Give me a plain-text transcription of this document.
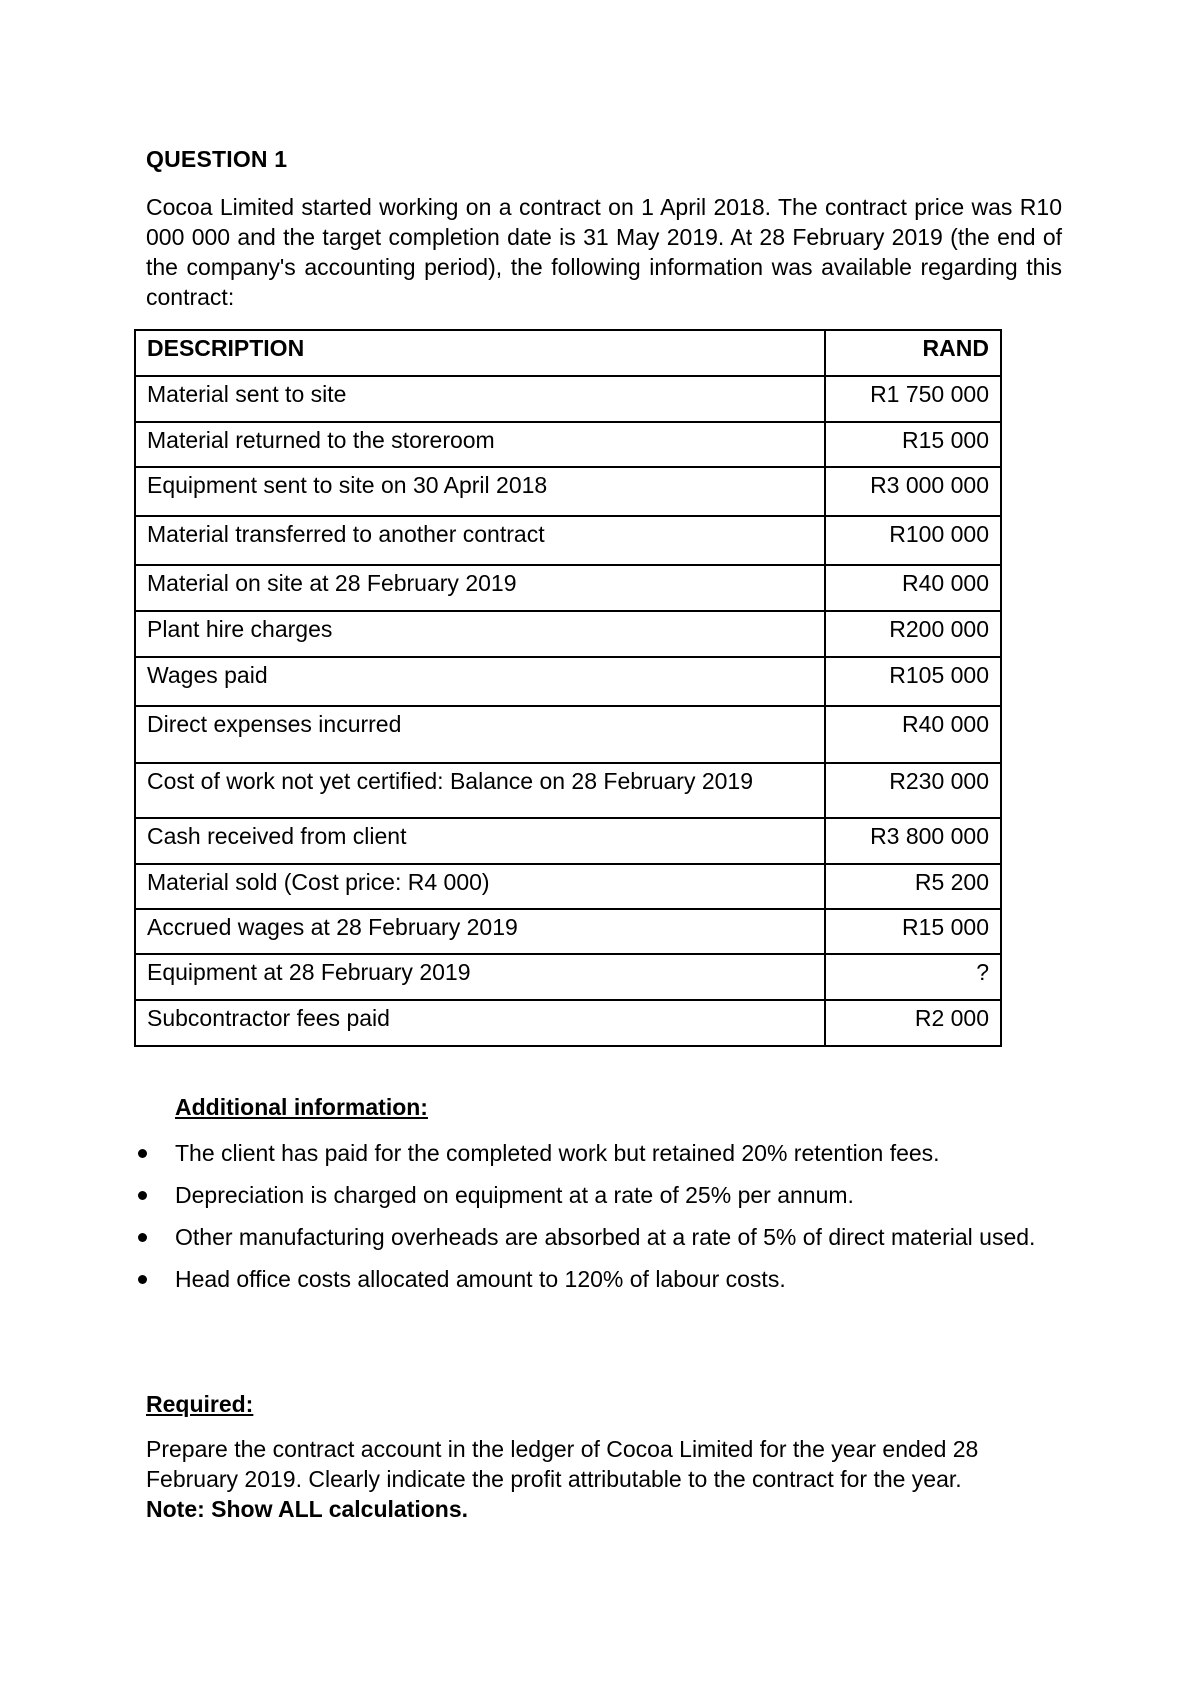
QUESTION 1
Cocoa Limited started working on a contract on 1 April 2018. The contract price was R10 000 000 and the target completion date is 31 May 2019. At 28 February 2019 (the end of the company's accounting period), the following information was available regarding this contract:
DESCRIPTION	RAND
Material sent to site	R1 750 000
Material returned to the storeroom	R15 000
Equipment sent to site on 30 April 2018	R3 000 000
Material transferred to another contract	R100 000
Material on site at 28 February 2019	R40 000
Plant hire charges	R200 000
Wages paid	R105 000
Direct expenses incurred	R40 000
Cost of work not yet certified: Balance on 28 February 2019	R230 000
Cash received from client	R3 800 000
Material sold (Cost price: R4 000)	R5 200
Accrued wages at 28 February 2019	R15 000
Equipment at 28 February 2019	?
Subcontractor fees paid	R2 000
Additional information:
The client has paid for the completed work but retained 20% retention fees.
Depreciation is charged on equipment at a rate of 25% per annum.
Other manufacturing overheads are absorbed at a rate of 5% of direct material used.
Head office costs allocated amount to 120% of labour costs.
Required:
Prepare the contract account in the ledger of Cocoa Limited for the year ended 28 February 2019. Clearly indicate the profit attributable to the contract for the year.
Note: Show ALL calculations.
